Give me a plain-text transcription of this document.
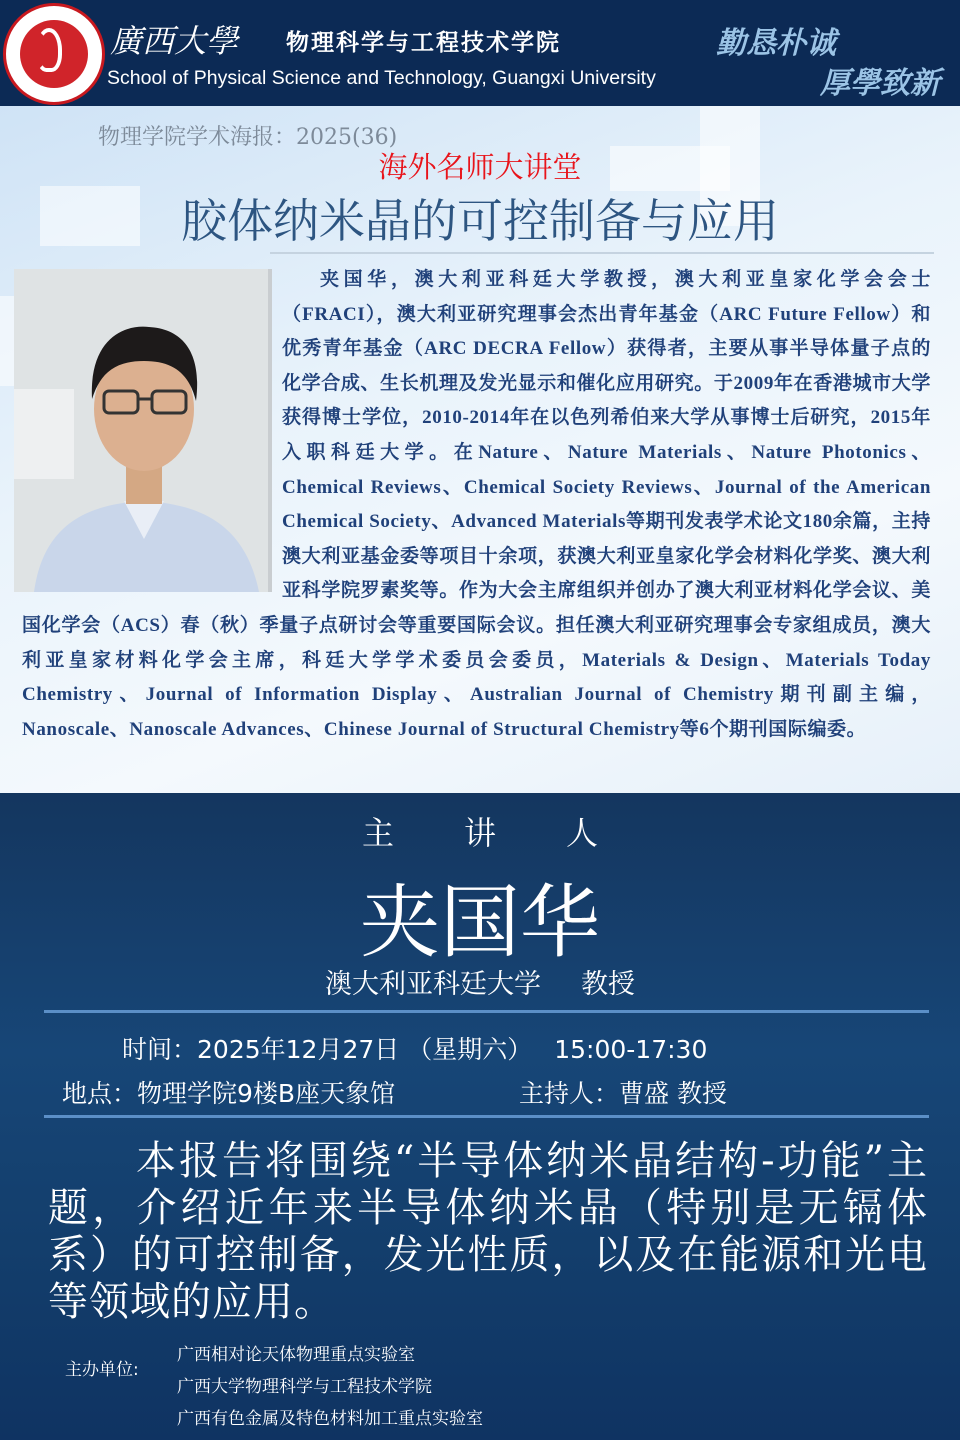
廣西大學 物理科学与工程技术学院
School of Physical Science and Technology, Guangxi University
勤恳朴诚
厚學致新
物理学院学术海报：2025(36)
海外名师大讲堂
胶体纳米晶的可控制备与应用
夹国华，澳大利亚科廷大学教授，澳大利亚皇家化学会会士（FRACI），澳大利亚研究理事会杰出青年基金（ARC Future Fellow）和优秀青年基金（ARC DECRA Fellow）获得者，主要从事半导体量子点的化学合成、生长机理及发光显示和催化应用研究。于2009年在香港城市大学获得博士学位，2010-2014年在以色列希伯来大学从事博士后研究，2015年入职科廷大学。在Nature、Nature Materials、Nature Photonics、Chemical Reviews、Chemical Society Reviews、Journal of the American Chemical Society、Advanced Materials等期刊发表学术论文180余篇，主持澳大利亚基金委等项目十余项，获澳大利亚皇家化学会材料化学奖、澳大利亚科学院罗素奖等。作为大会主席组织并创办了澳大利亚材料化学会议、美国化学会（ACS）春（秋）季量子点研讨会等重要国际会议。担任澳大利亚研究理事会专家组成员，澳大利亚皇家材料化学会主席，科廷大学学术委员会委员，Materials & Design、Materials Today Chemistry、Journal of Information Display、Australian Journal of Chemistry期刊副主编，Nanoscale、Nanoscale Advances、Chinese Journal of Structural Chemistry等6个期刊国际编委。
主讲人
夹国华
澳大利亚科廷大学 教授
时间：2025年12月27日 （星期六） 15:00-17:30
地点：物理学院9楼B座天象馆	主持人：曹盛 教授
本报告将围绕“半导体纳米晶结构-功能”主题，介绍近年来半导体纳米晶（特别是无镉体系）的可控制备，发光性质，以及在能源和光电等领域的应用。
主办单位:
广西相对论天体物理重点实验室
广西大学物理科学与工程技术学院
广西有色金属及特色材料加工重点实验室
